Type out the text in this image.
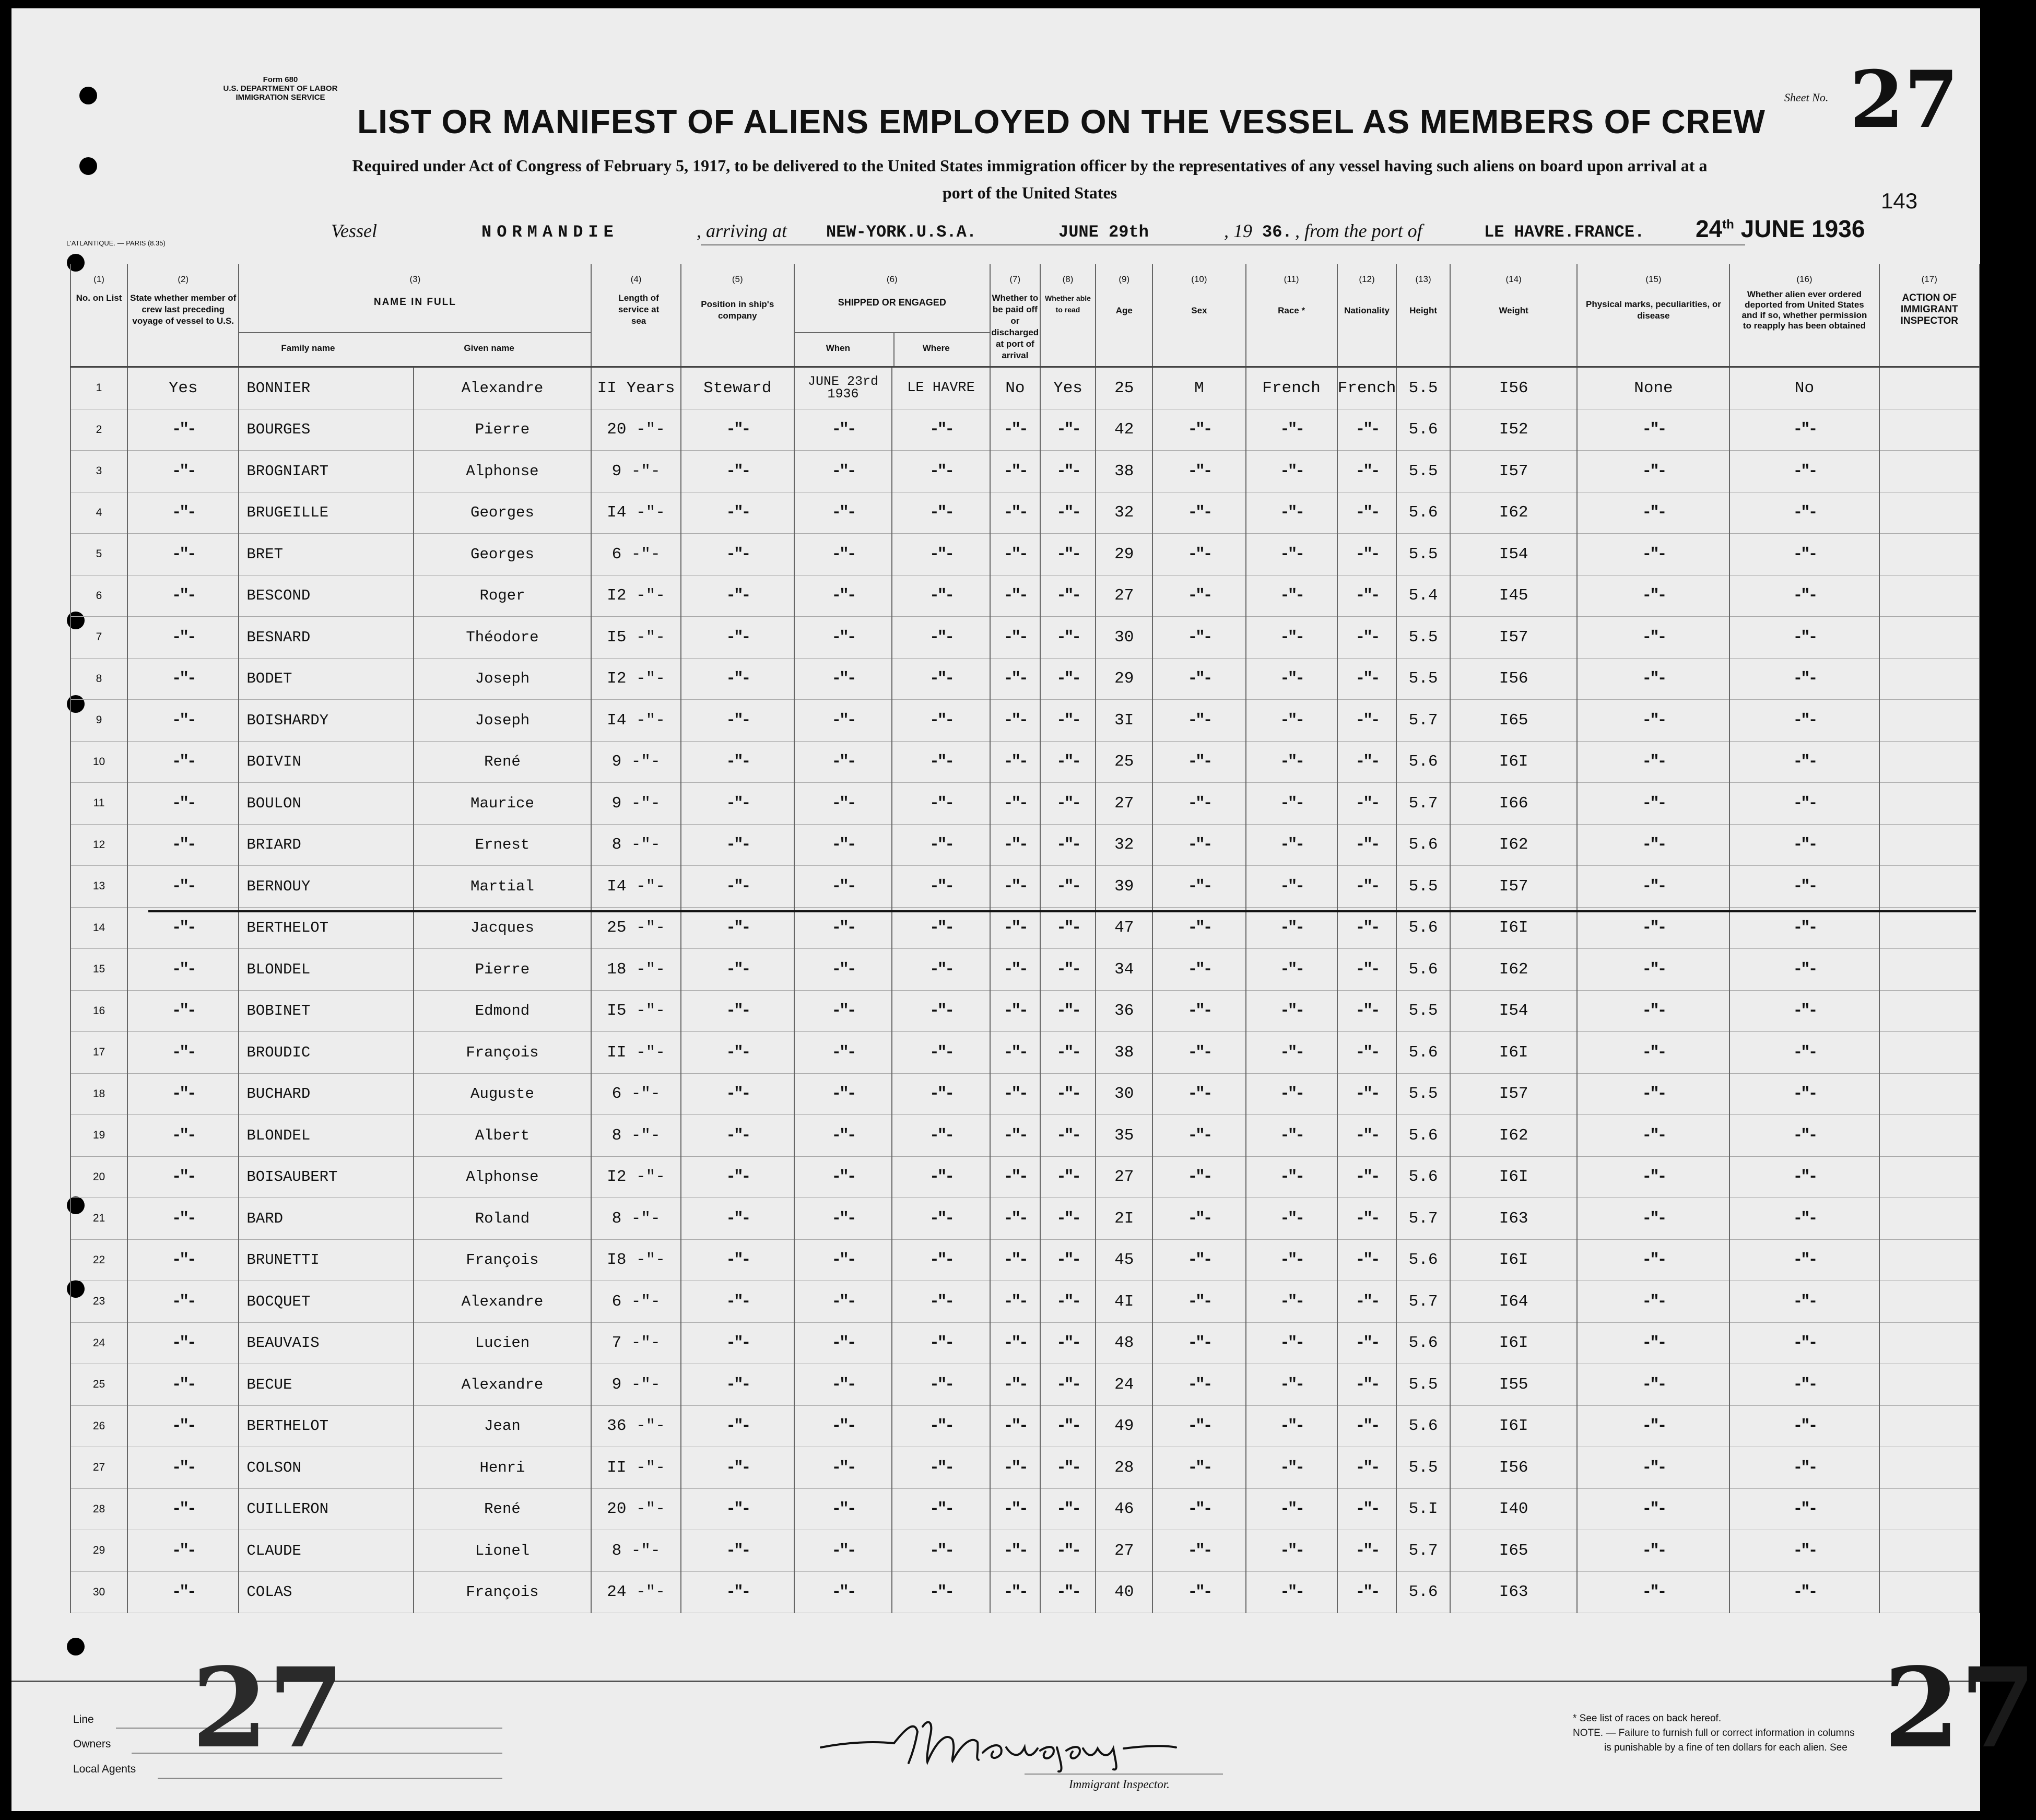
Form 680
U.S. DEPARTMENT OF LABOR
IMMIGRATION SERVICE
LIST OR MANIFEST OF ALIENS EMPLOYED ON THE VESSEL AS MEMBERS OF CREW
Sheet No. 27
Required under Act of Congress of February 5, 1917, to be delivered to the United States immigration officer by the representatives of any vessel having such aliens on board upon arrival at a
port of the United States	143
L'ATLANTIQUE. — PARIS (8.35)
Vessel	NORMANDIE	, arriving at NEW-YORK.U.S.A.	JUNE 29th	, 19 36. , from the port of	LE HAVRE.FRANCE. 24th JUNE 1936
(1)
No. on List	(2)
State whether member of crew last preceding voyage of vessel to U.S.	(3)
NAME IN FULL
Family name Given name		(4)
Length of service at sea	(5)
Position in ship's company	(6)
SHIPPED OR ENGAGED
When Where		(7)
Whether to be paid off or discharged at port of arrival	(8)
Whether able to read	(9)
Age	(10)
Sex	(11)
Race *	(12)
Nationality	(13)
Height	(14)
Weight	(15)
Physical marks, peculiarities, or disease	(16)
Whether alien ever ordered deported from United States and if so, whether permission to reapply has been obtained	(17)
ACTION OF IMMIGRANT INSPECTOR

1	Yes	BONNIER	Alexandre	II Years	Steward	JUNE 23rd 1936	LE HAVRE	No	Yes	25	M	French	French	5.5	I56	None	No	
2	-"-	BOURGES	Pierre	20 -"-	-"-	-"-	-"-	-"-	-"-	42	-"-	-"-	-"-	5.6	I52	-"-	-"-	
3	-"-	BROGNIART	Alphonse	9 -"-	-"-	-"-	-"-	-"-	-"-	38	-"-	-"-	-"-	5.5	I57	-"-	-"-	
4	-"-	BRUGEILLE	Georges	I4 -"-	-"-	-"-	-"-	-"-	-"-	32	-"-	-"-	-"-	5.6	I62	-"-	-"-	
5	-"-	BRET	Georges	6 -"-	-"-	-"-	-"-	-"-	-"-	29	-"-	-"-	-"-	5.5	I54	-"-	-"-	
6	-"-	BESCOND	Roger	I2 -"-	-"-	-"-	-"-	-"-	-"-	27	-"-	-"-	-"-	5.4	I45	-"-	-"-	
7	-"-	BESNARD	Théodore	I5 -"-	-"-	-"-	-"-	-"-	-"-	30	-"-	-"-	-"-	5.5	I57	-"-	-"-	
8	-"-	BODET	Joseph	I2 -"-	-"-	-"-	-"-	-"-	-"-	29	-"-	-"-	-"-	5.5	I56	-"-	-"-	
9	-"-	BOISHARDY	Joseph	I4 -"-	-"-	-"-	-"-	-"-	-"-	3I	-"-	-"-	-"-	5.7	I65	-"-	-"-	
10	-"-	BOIVIN	René	9 -"-	-"-	-"-	-"-	-"-	-"-	25	-"-	-"-	-"-	5.6	I6I	-"-	-"-	
11	-"-	BOULON	Maurice	9 -"-	-"-	-"-	-"-	-"-	-"-	27	-"-	-"-	-"-	5.7	I66	-"-	-"-	
12	-"-	BRIARD	Ernest	8 -"-	-"-	-"-	-"-	-"-	-"-	32	-"-	-"-	-"-	5.6	I62	-"-	-"-	
13	-"-	BERNOUY	Martial	I4 -"-	-"-	-"-	-"-	-"-	-"-	39	-"-	-"-	-"-	5.5	I57	-"-	-"-	
14	-"-	BERTHELOT	Jacques	25 -"-	-"-	-"-	-"-	-"-	-"-	47	-"-	-"-	-"-	5.6	I6I	-"-	-"-	
15	-"-	BLONDEL	Pierre	18 -"-	-"-	-"-	-"-	-"-	-"-	34	-"-	-"-	-"-	5.6	I62	-"-	-"-	
16	-"-	BOBINET	Edmond	I5 -"-	-"-	-"-	-"-	-"-	-"-	36	-"-	-"-	-"-	5.5	I54	-"-	-"-	
17	-"-	BROUDIC	François	II -"-	-"-	-"-	-"-	-"-	-"-	38	-"-	-"-	-"-	5.6	I6I	-"-	-"-	
18	-"-	BUCHARD	Auguste	6 -"-	-"-	-"-	-"-	-"-	-"-	30	-"-	-"-	-"-	5.5	I57	-"-	-"-	
19	-"-	BLONDEL	Albert	8 -"-	-"-	-"-	-"-	-"-	-"-	35	-"-	-"-	-"-	5.6	I62	-"-	-"-	
20	-"-	BOISAUBERT	Alphonse	I2 -"-	-"-	-"-	-"-	-"-	-"-	27	-"-	-"-	-"-	5.6	I6I	-"-	-"-	
21	-"-	BARD	Roland	8 -"-	-"-	-"-	-"-	-"-	-"-	2I	-"-	-"-	-"-	5.7	I63	-"-	-"-	
22	-"-	BRUNETTI	François	I8 -"-	-"-	-"-	-"-	-"-	-"-	45	-"-	-"-	-"-	5.6	I6I	-"-	-"-	
23	-"-	BOCQUET	Alexandre	6 -"-	-"-	-"-	-"-	-"-	-"-	4I	-"-	-"-	-"-	5.7	I64	-"-	-"-	
24	-"-	BEAUVAIS	Lucien	7 -"-	-"-	-"-	-"-	-"-	-"-	48	-"-	-"-	-"-	5.6	I6I	-"-	-"-	
25	-"-	BECUE	Alexandre	9 -"-	-"-	-"-	-"-	-"-	-"-	24	-"-	-"-	-"-	5.5	I55	-"-	-"-	
26	-"-	BERTHELOT	Jean	36 -"-	-"-	-"-	-"-	-"-	-"-	49	-"-	-"-	-"-	5.6	I6I	-"-	-"-	
27	-"-	COLSON	Henri	II -"-	-"-	-"-	-"-	-"-	-"-	28	-"-	-"-	-"-	5.5	I56	-"-	-"-	
28	-"-	CUILLERON	René	20 -"-	-"-	-"-	-"-	-"-	-"-	46	-"-	-"-	-"-	5.I	I40	-"-	-"-	
29	-"-	CLAUDE	Lionel	8 -"-	-"-	-"-	-"-	-"-	-"-	27	-"-	-"-	-"-	5.7	I65	-"-	-"-	
30	-"-	COLAS	François	24 -"-	-"-	-"-	-"-	-"-	-"-	40	-"-	-"-	-"-	5.6	I63	-"-	-"-	
Line
Owners
Local Agents 27	27
Immigrant Inspector.
* See list of races on back hereof.
NOTE. — Failure to furnish full or correct information in columns
is punishable by a fine of ten dollars for each alien. See
